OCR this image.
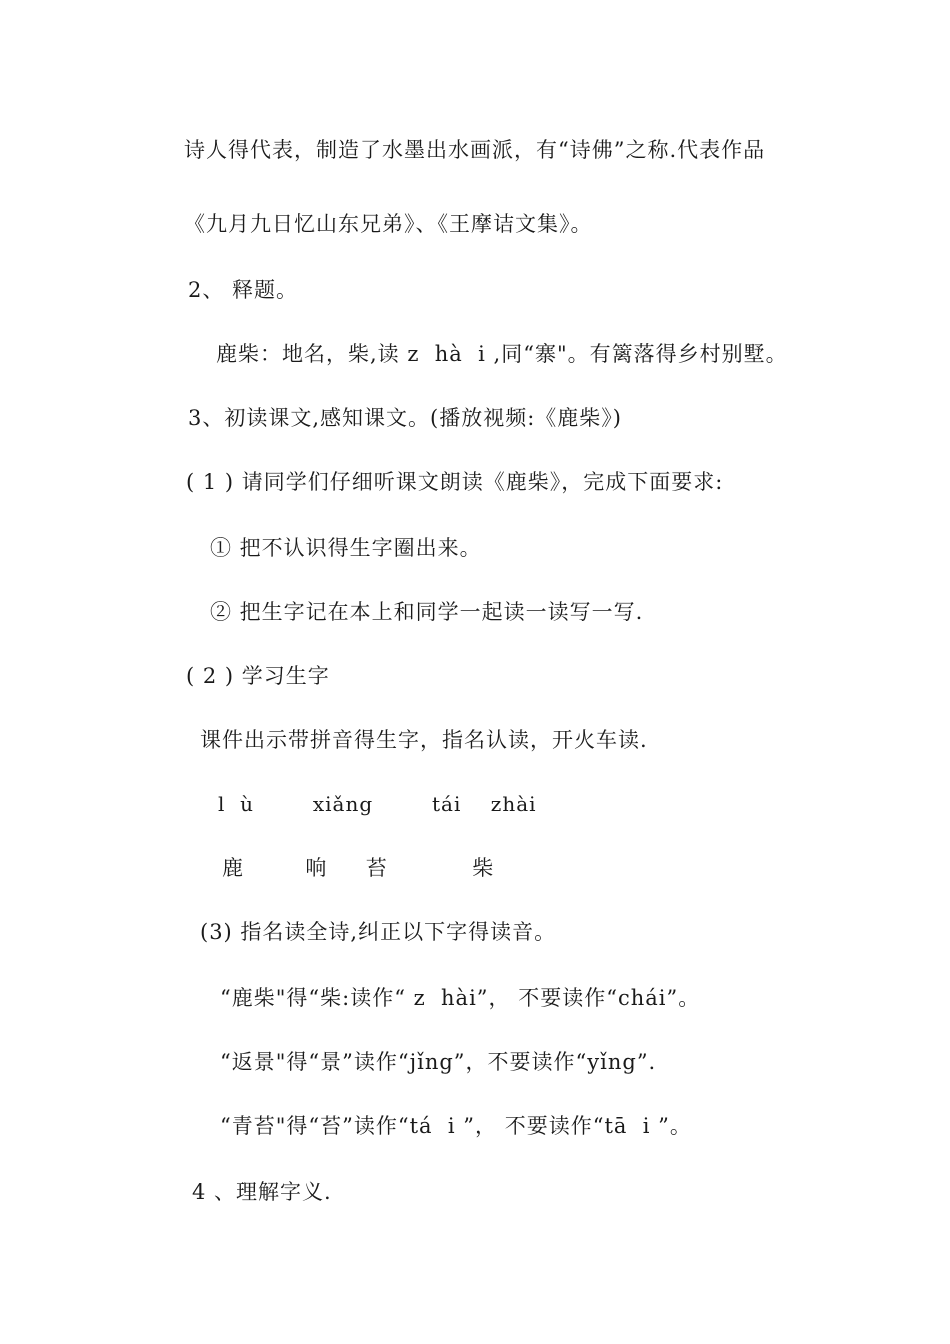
诗人得代表，制造了水墨出水画派，有“诗佛”之称.代表作品
《九月九日忆山东兄弟》、《王摩诘文集》。
2、 释题。
鹿柴：地名，柴,读 z  hà  i ,同“寨"。有篱落得乡村别墅。
3、初读课文,感知课文。(播放视频:《鹿柴》)
( 1 ) 请同学们仔细听课文朗读《鹿柴》，完成下面要求:
① 把不认识得生字圈出来。
② 把生字记在本上和同学一起读一读写一写.
( 2 ) 学习生字
课件出示带拼音得生字，指名认读，开火车读.
l  ù        xiǎng        tái    zhài
鹿        响     苔           柴
(3) 指名读全诗,纠正以下字得读音。
“鹿柴"得“柴:读作“ z  hài”， 不要读作“chái”。
“返景"得“景”读作“jǐng”，不要读作“yǐng”.
“青苔"得“苔”读作“tá  i ”， 不要读作“tā  i ”。
4 、理解字义.
